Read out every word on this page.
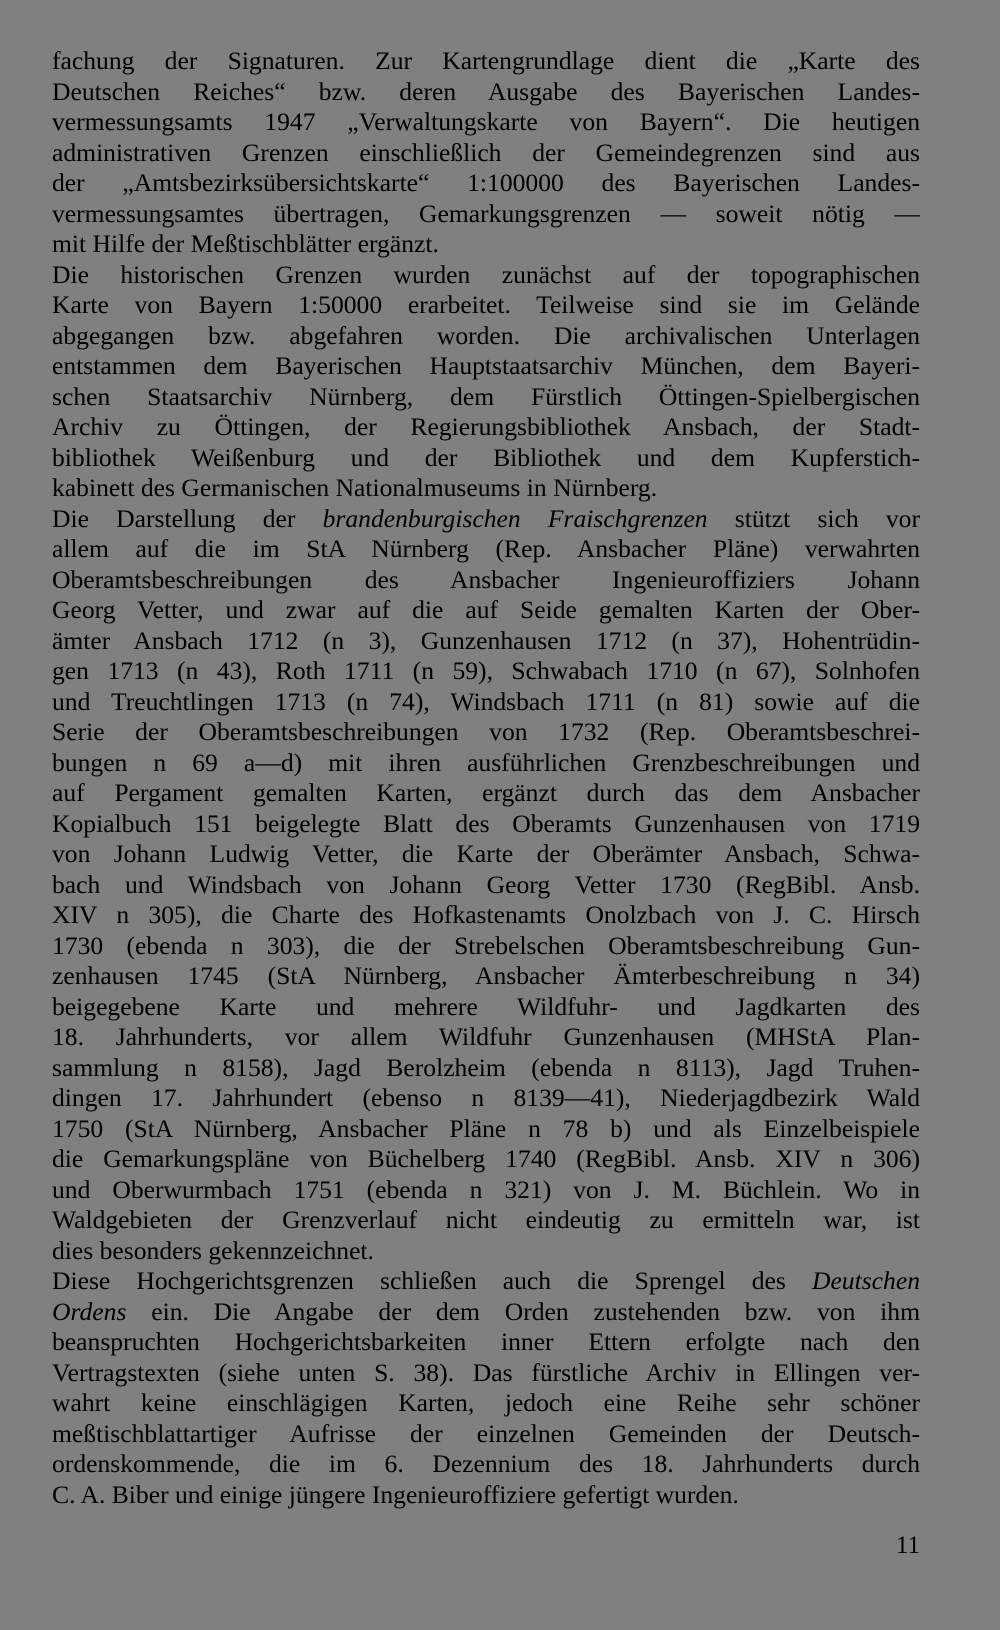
fachung der Signaturen. Zur Kartengrundlage dient die „Karte des
Deutschen Reiches“ bzw. deren Ausgabe des Bayerischen Landes-
vermessungsamts 1947 „Verwaltungskarte von Bayern“. Die heutigen
administrativen Grenzen einschließlich der Gemeindegrenzen sind aus
der „Amtsbezirksübersichtskarte“ 1:100000 des Bayerischen Landes-
vermessungsamtes übertragen, Gemarkungsgrenzen — soweit nötig —
mit Hilfe der Meßtischblätter ergänzt.
Die historischen Grenzen wurden zunächst auf der topographischen
Karte von Bayern 1:50000 erarbeitet. Teilweise sind sie im Gelände
abgegangen bzw. abgefahren worden. Die archivalischen Unterlagen
entstammen dem Bayerischen Hauptstaatsarchiv München, dem Bayeri-
schen Staatsarchiv Nürnberg, dem Fürstlich Öttingen-Spielbergischen
Archiv zu Öttingen, der Regierungsbibliothek Ansbach, der Stadt-
bibliothek Weißenburg und der Bibliothek und dem Kupferstich-
kabinett des Germanischen Nationalmuseums in Nürnberg.
Die Darstellung der brandenburgischen Fraischgrenzen stützt sich vor
allem auf die im StA Nürnberg (Rep. Ansbacher Pläne) verwahrten
Oberamtsbeschreibungen des Ansbacher Ingenieuroffiziers Johann
Georg Vetter, und zwar auf die auf Seide gemalten Karten der Ober-
ämter Ansbach 1712 (n 3), Gunzenhausen 1712 (n 37), Hohentrüdin-
gen 1713 (n 43), Roth 1711 (n 59), Schwabach 1710 (n 67), Solnhofen
und Treuchtlingen 1713 (n 74), Windsbach 1711 (n 81) sowie auf die
Serie der Oberamtsbeschreibungen von 1732 (Rep. Oberamtsbeschrei-
bungen n 69 a—d) mit ihren ausführlichen Grenzbeschreibungen und
auf Pergament gemalten Karten, ergänzt durch das dem Ansbacher
Kopialbuch 151 beigelegte Blatt des Oberamts Gunzenhausen von 1719
von Johann Ludwig Vetter, die Karte der Oberämter Ansbach, Schwa-
bach und Windsbach von Johann Georg Vetter 1730 (RegBibl. Ansb.
XIV n 305), die Charte des Hofkastenamts Onolzbach von J. C. Hirsch
1730 (ebenda n 303), die der Strebelschen Oberamtsbeschreibung Gun-
zenhausen 1745 (StA Nürnberg, Ansbacher Ämterbeschreibung n 34)
beigegebene Karte und mehrere Wildfuhr- und Jagdkarten des
18. Jahrhunderts, vor allem Wildfuhr Gunzenhausen (MHStA Plan-
sammlung n 8158), Jagd Berolzheim (ebenda n 8113), Jagd Truhen-
dingen 17. Jahrhundert (ebenso n 8139—41), Niederjagdbezirk Wald
1750 (StA Nürnberg, Ansbacher Pläne n 78 b) und als Einzelbeispiele
die Gemarkungspläne von Büchelberg 1740 (RegBibl. Ansb. XIV n 306)
und Oberwurmbach 1751 (ebenda n 321) von J. M. Büchlein. Wo in
Waldgebieten der Grenzverlauf nicht eindeutig zu ermitteln war, ist
dies besonders gekennzeichnet.
Diese Hochgerichtsgrenzen schließen auch die Sprengel des Deutschen
Ordens ein. Die Angabe der dem Orden zustehenden bzw. von ihm
beanspruchten Hochgerichtsbarkeiten inner Ettern erfolgte nach den
Vertragstexten (siehe unten S. 38). Das fürstliche Archiv in Ellingen ver-
wahrt keine einschlägigen Karten, jedoch eine Reihe sehr schöner
meßtischblattartiger Aufrisse der einzelnen Gemeinden der Deutsch-
ordenskommende, die im 6. Dezennium des 18. Jahrhunderts durch
C. A. Biber und einige jüngere Ingenieuroffiziere gefertigt wurden.
11
